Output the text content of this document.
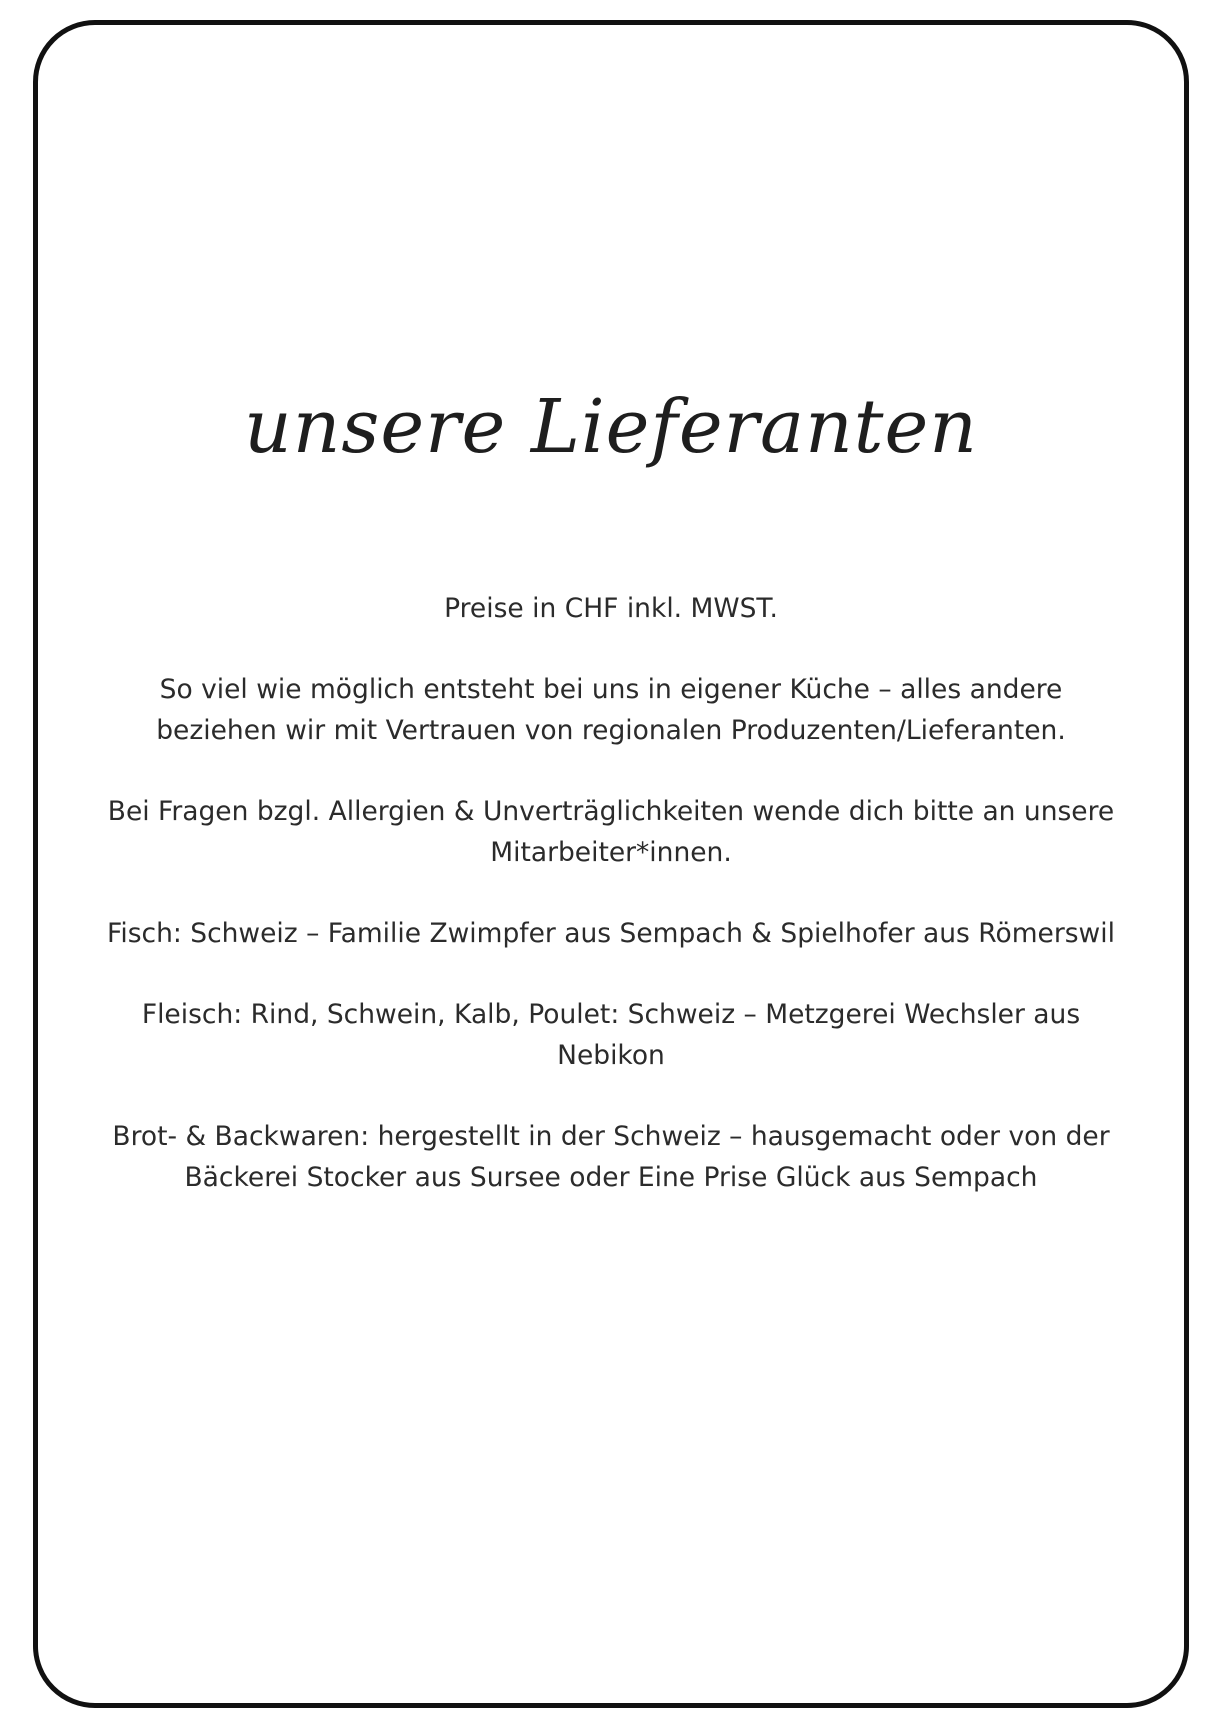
unsere Lieferanten

Preise in CHF inkl. MWST.

So viel wie möglich entsteht bei uns in eigener Küche – alles andere beziehen wir mit Vertrauen von regionalen Produzenten/Lieferanten.

Bei Fragen bzgl. Allergien & Unverträglichkeiten wende dich bitte an unsere Mitarbeiter*innen.

Fisch: Schweiz – Familie Zwimpfer aus Sempach & Spielhofer aus Römerswil

Fleisch: Rind, Schwein, Kalb, Poulet: Schweiz – Metzgerei Wechsler aus Nebikon

Brot- & Backwaren: hergestellt in der Schweiz – hausgemacht oder von der Bäckerei Stocker aus Sursee oder Eine Prise Glück aus Sempach
